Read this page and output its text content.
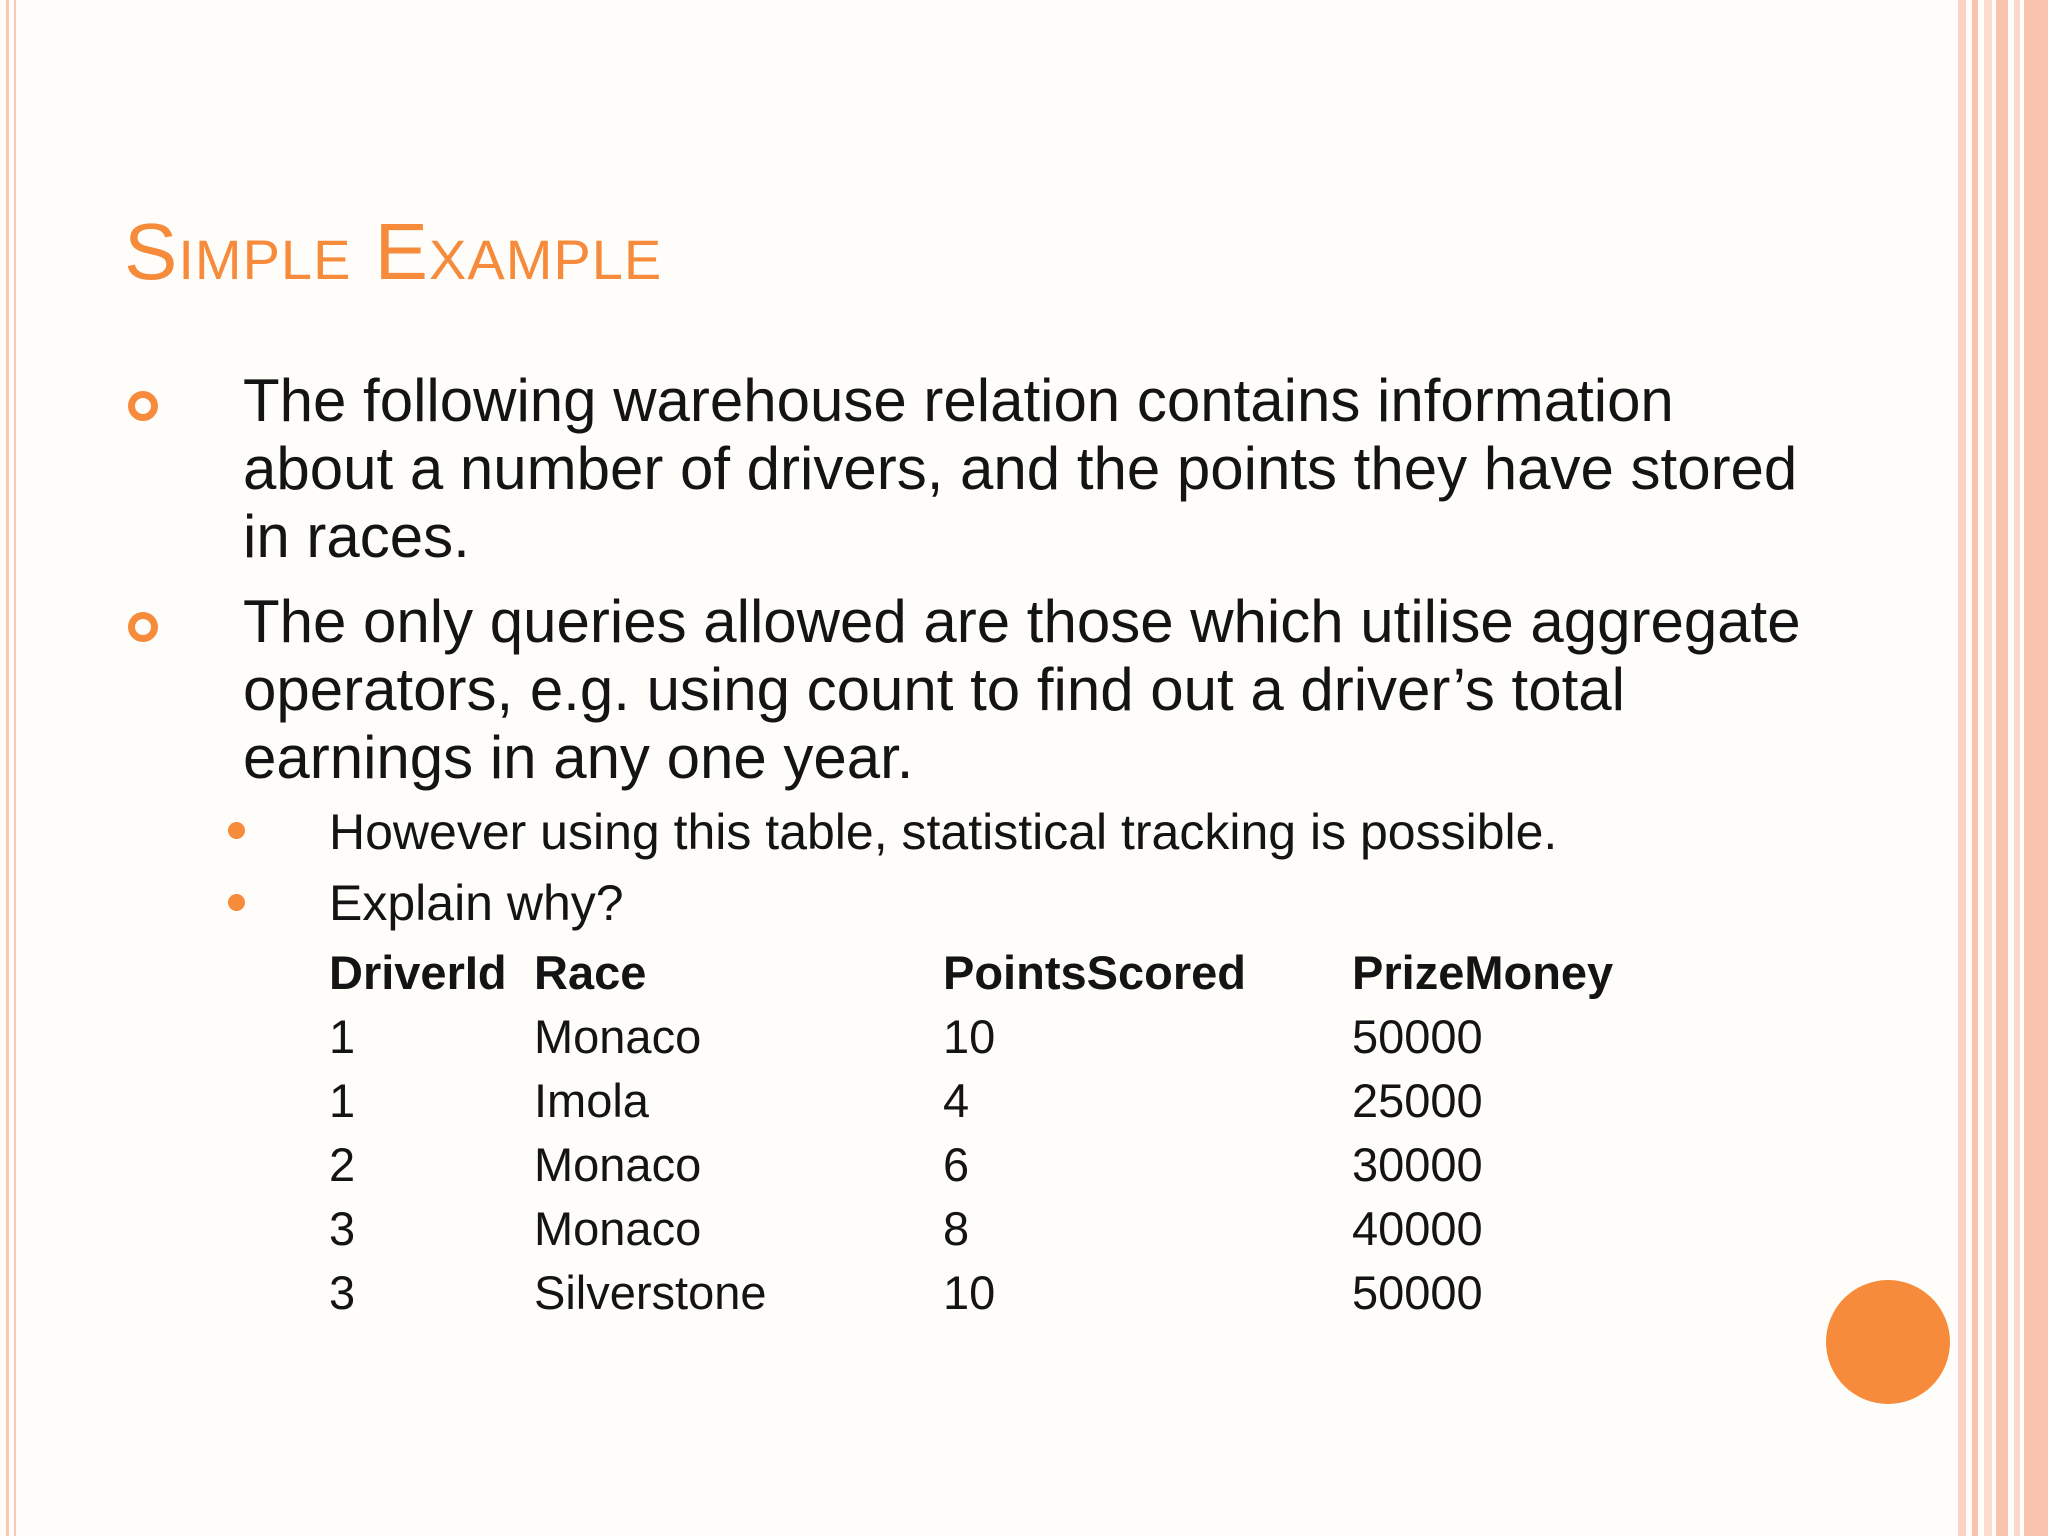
Simple Example
The following warehouse relation contains information about a number of drivers, and the points they have stored in races.
The only queries allowed are those which utilise aggregate operators, e.g. using count to find out a driver’s total earnings in any one year.
However using this table, statistical tracking is possible.
Explain why?
DriverId	Race	PointsScored	PrizeMoney
1	Monaco	10	50000
1	Imola	4	25000
2	Monaco	6	30000
3	Monaco	8	40000
3	Silverstone	10	50000
